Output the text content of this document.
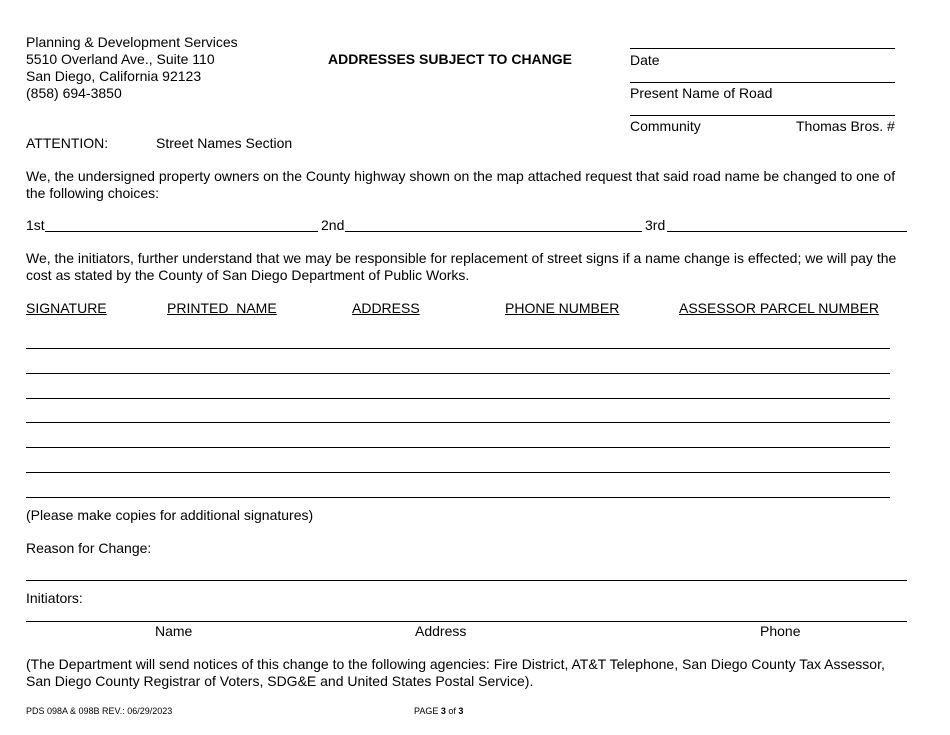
Planning & Development Services
5510 Overland Ave., Suite 110
San Diego, California 92123
(858) 694-3850
ADDRESSES SUBJECT TO CHANGE	Date
Present Name of Road
Community	Thomas Bros. #
ATTENTION:	Street Names Section
We, the undersigned property owners on the County highway shown on the map attached request that said road name be changed to one of the following choices:
1st	2nd	3rd
We, the initiators, further understand that we may be responsible for replacement of street signs if a name change is effected; we will pay the cost as stated by the County of San Diego Department of Public Works.
SIGNATURE	PRINTED  NAME	ADDRESS	PHONE NUMBER	ASSESSOR PARCEL NUMBER
(Please make copies for additional signatures)
Reason for Change:
Initiators:
Name	Address	Phone
(The Department will send notices of this change to the following agencies: Fire District, AT&T Telephone, San Diego County Tax Assessor, San Diego County Registrar of Voters, SDG&E and United States Postal Service).
PDS 098A & 098B REV.: 06/29/2023	PAGE 3 of 3
